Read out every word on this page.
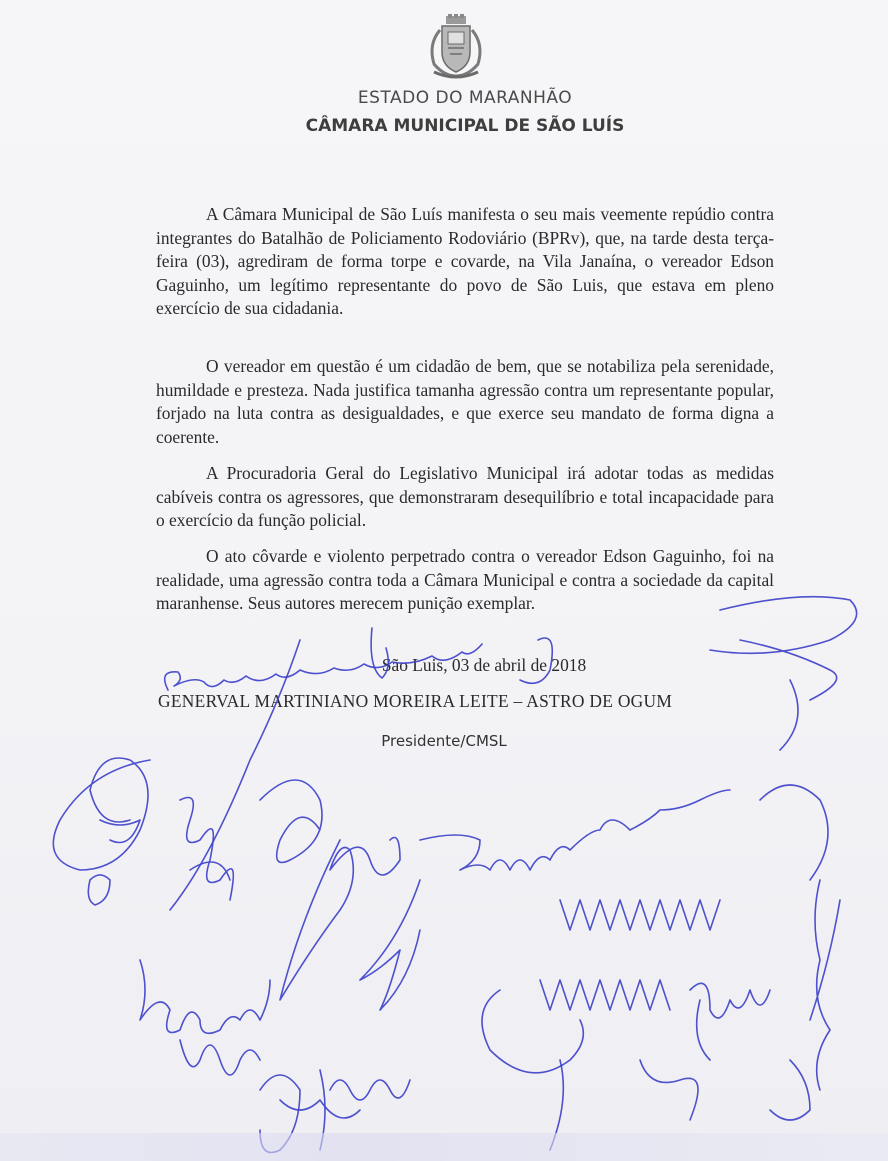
ESTADO DO MARANHÃO
CÂMARA MUNICIPAL DE SÃO LUÍS

A Câmara Municipal de São Luís manifesta o seu mais veemente repúdio contra integrantes do Batalhão de Policiamento Rodoviário (BPRv), que, na tarde desta terça-feira (03), agrediram de forma torpe e covarde, na Vila Janaína, o vereador Edson Gaguinho, um legítimo representante do povo de São Luis, que estava em pleno exercício de sua cidadania.

O vereador em questão é um cidadão de bem, que se notabiliza pela serenidade, humildade e presteza. Nada justifica tamanha agressão contra um representante popular, forjado na luta contra as desigualdades, e que exerce seu mandato de forma digna a coerente.

A Procuradoria Geral do Legislativo Municipal irá adotar todas as medidas cabíveis contra os agressores, que demonstraram desequilíbrio e total incapacidade para o exercício da função policial.

O ato côvarde e violento perpetrado contra o vereador Edson Gaguinho, foi na realidade, uma agressão contra toda a Câmara Municipal e contra a sociedade da capital maranhense. Seus autores merecem punição exemplar.

São Luis, 03 de abril de 2018
GENERVAL MARTINIANO MOREIRA LEITE – ASTRO DE OGUM
Presidente/CMSL
